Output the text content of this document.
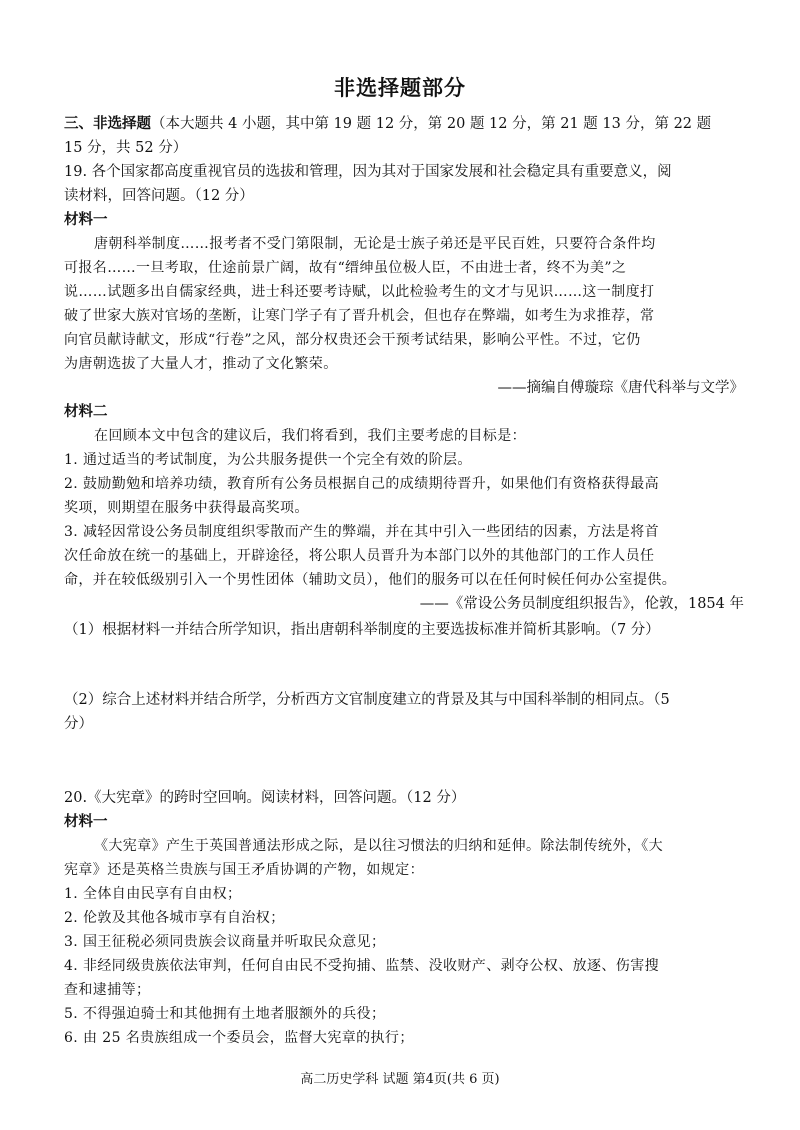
非选择题部分
三、非选择题（本大题共 4 小题，其中第 19 题 12 分，第 20 题 12 分，第 21 题 13 分，第 22 题
15 分，共 52 分）
19. 各个国家都高度重视官员的选拔和管理，因为其对于国家发展和社会稳定具有重要意义，阅
读材料，回答问题。（12 分）
材料一
唐朝科举制度……报考者不受门第限制，无论是士族子弟还是平民百姓，只要符合条件均
可报名……一旦考取，仕途前景广阔，故有“缙绅虽位极人臣，不由进士者，终不为美”之
说……试题多出自儒家经典，进士科还要考诗赋，以此检验考生的文才与见识……这一制度打
破了世家大族对官场的垄断，让寒门学子有了晋升机会，但也存在弊端，如考生为求推荐，常
向官员献诗献文，形成“行卷”之风，部分权贵还会干预考试结果，影响公平性。不过，它仍
为唐朝选拔了大量人才，推动了文化繁荣。
——摘编自傅璇琮《唐代科举与文学》
材料二
在回顾本文中包含的建议后，我们将看到，我们主要考虑的目标是：
1. 通过适当的考试制度，为公共服务提供一个完全有效的阶层。
2. 鼓励勤勉和培养功绩，教育所有公务员根据自己的成绩期待晋升，如果他们有资格获得最高
奖项，则期望在服务中获得最高奖项。
3. 减轻因常设公务员制度组织零散而产生的弊端，并在其中引入一些团结的因素，方法是将首
次任命放在统一的基础上，开辟途径，将公职人员晋升为本部门以外的其他部门的工作人员任
命，并在较低级别引入一个男性团体（辅助文员），他们的服务可以在任何时候任何办公室提供。
——《常设公务员制度组织报告》，伦敦，1854 年
（1）根据材料一并结合所学知识，指出唐朝科举制度的主要选拔标准并简析其影响。（7 分）
（2）综合上述材料并结合所学，分析西方文官制度建立的背景及其与中国科举制的相同点。（5
分）
20.《大宪章》的跨时空回响。阅读材料，回答问题。（12 分）
材料一
《大宪章》产生于英国普通法形成之际，是以往习惯法的归纳和延伸。除法制传统外，《大
宪章》还是英格兰贵族与国王矛盾协调的产物，如规定：
1. 全体自由民享有自由权；
2. 伦敦及其他各城市享有自治权；
3. 国王征税必须同贵族会议商量并听取民众意见；
4. 非经同级贵族依法审判，任何自由民不受拘捕、监禁、没收财产、剥夺公权、放逐、伤害搜
查和逮捕等；
5. 不得强迫骑士和其他拥有土地者服额外的兵役；
6. 由 25 名贵族组成一个委员会，监督大宪章的执行；
高二历史学科 试题 第4页(共 6 页)
